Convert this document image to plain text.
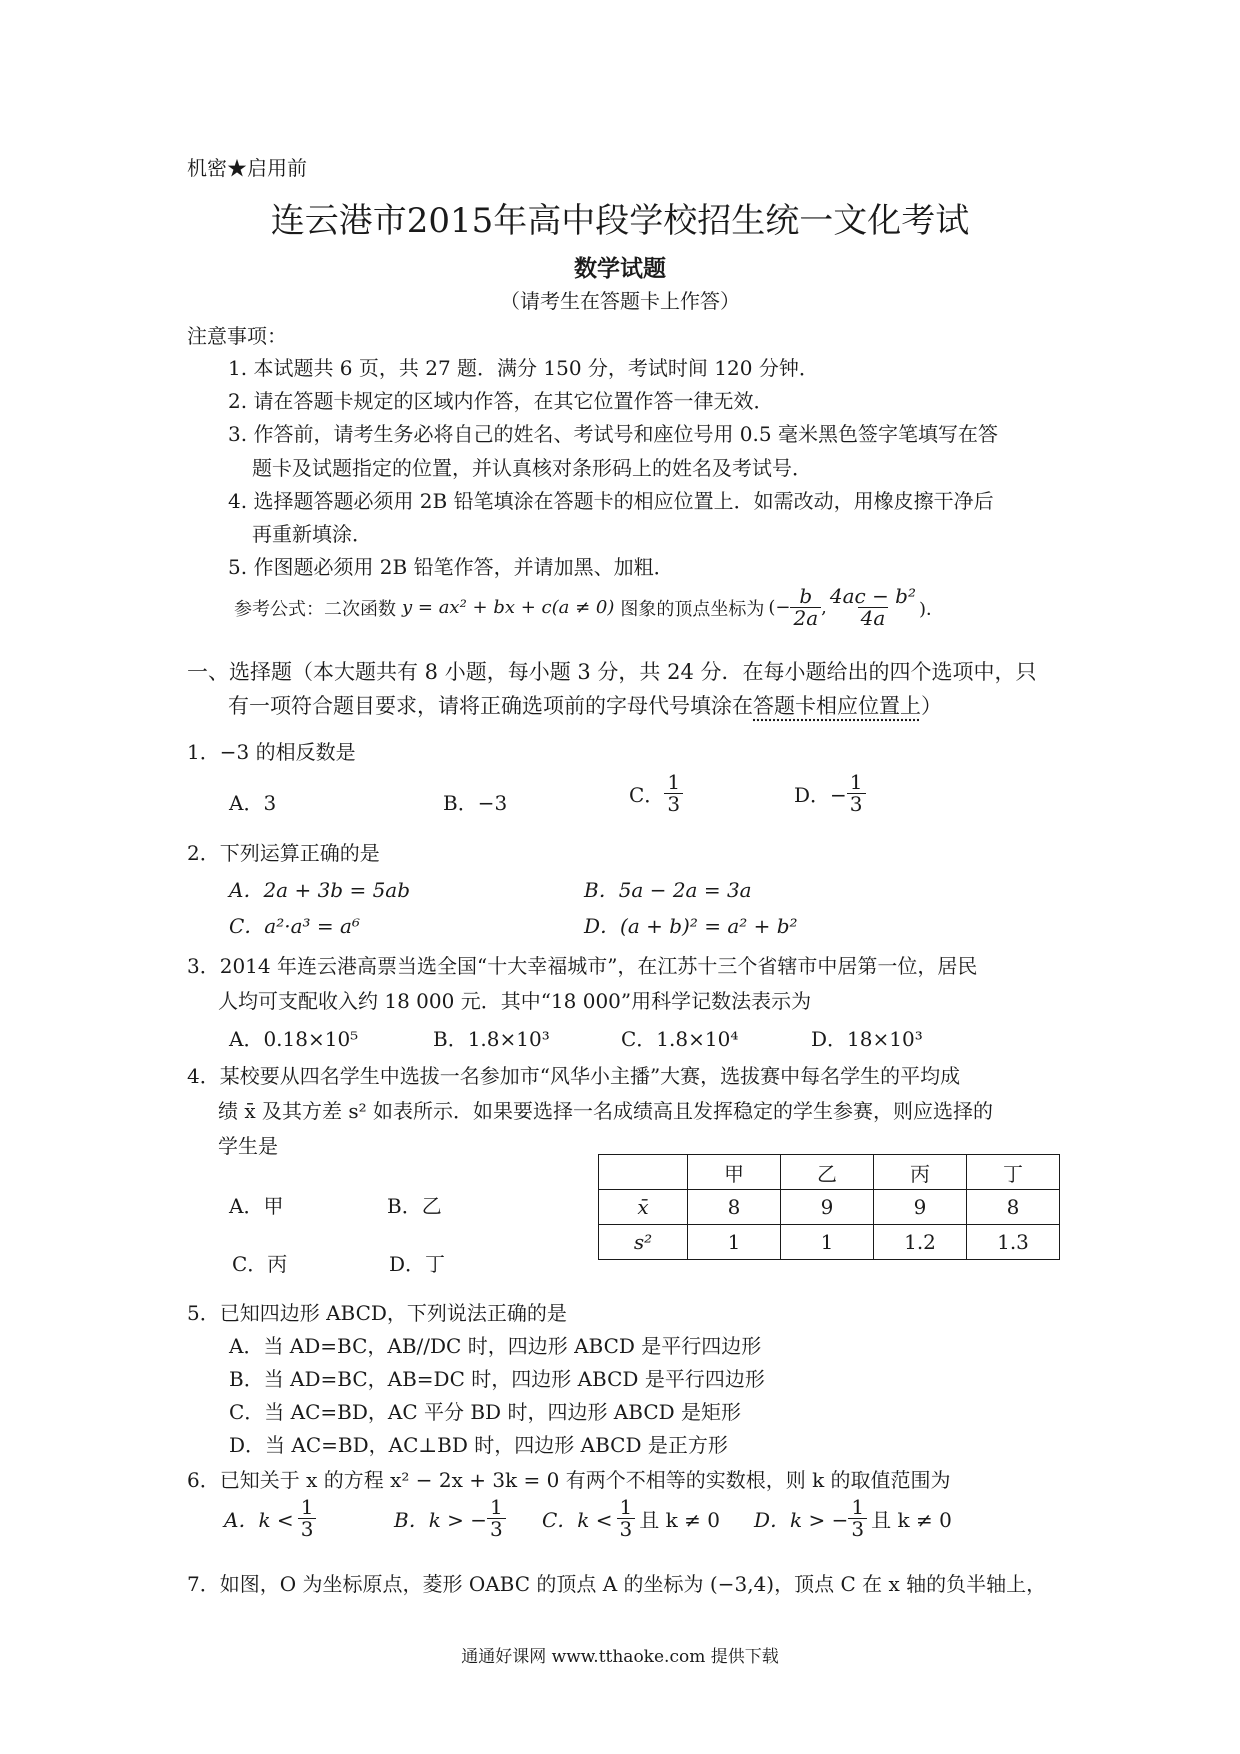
机密★启用前
连云港市2015年高中段学校招生统一文化考试
数学试题
（请考生在答题卡上作答）
注意事项：
1. 本试题共 6 页，共 27 题．满分 150 分，考试时间 120 分钟．
2. 请在答题卡规定的区域内作答，在其它位置作答一律无效．
3. 作答前，请考生务必将自己的姓名、考试号和座位号用 0.5 毫米黑色签字笔填写在答
题卡及试题指定的位置，并认真核对条形码上的姓名及考试号．
4. 选择题答题必须用 2B 铅笔填涂在答题卡的相应位置上．如需改动，用橡皮擦干净后
再重新填涂．
5. 作图题必须用 2B 铅笔作答，并请加黑、加粗．
参考公式：二次函数 y = ax² + bx + c(a ≠ 0) 图象的顶点坐标为 (− $\frac{b}{2a}$ , $\frac{\text{4ac − b²}}{4a}$ )．
一、选择题（本大题共有 8 小题，每小题 3 分，共 24 分．在每小题给出的四个选项中，只
有一项符合题目要求，请将正确选项前的字母代号填涂在答题卡相应位置上）
1．−3 的相反数是
A．3	B．−3	C． $\frac{1}{3}$	D．− $\frac{1}{3}$
2．下列运算正确的是
A．2a + 3b = 5ab	B．5a − 2a = 3a
C．a²·a³ = a⁶	D．(a + b)² = a² + b²
3．2014 年连云港高票当选全国“十大幸福城市”，在江苏十三个省辖市中居第一位，居民
人均可支配收入约 18 000 元．其中“18 000”用科学记数法表示为
A．0.18×10⁵	B．1.8×10³	C．1.8×10⁴	D．18×10³
4．某校要从四名学生中选拔一名参加市“风华小主播”大赛，选拔赛中每名学生的平均成
绩 x̄ 及其方差 s² 如表所示．如果要选择一名成绩高且发挥稳定的学生参赛，则应选择的
学生是
A．甲	B．乙
C．丙	D．丁
	甲	乙	丙	丁
x̄	8	9	9	8
s²	1	1	1.2	1.3
5．已知四边形 ABCD，下列说法正确的是
A．当 AD=BC，AB//DC 时，四边形 ABCD 是平行四边形
B．当 AD=BC，AB=DC 时，四边形 ABCD 是平行四边形
C．当 AC=BD，AC 平分 BD 时，四边形 ABCD 是矩形
D．当 AC=BD，AC⊥BD 时，四边形 ABCD 是正方形
6．已知关于 x 的方程 x² − 2x + 3k = 0 有两个不相等的实数根，则 k 的取值范围为
A．$k < \frac{1}{3}$	B．k > − $\frac{1}{3}$ C．$k < \frac{1}{3}$ 且 k ≠ 0 D．k > − $\frac{1}{3}$ 且 k ≠ 0
7．如图，O 为坐标原点，菱形 OABC 的顶点 A 的坐标为 (−3,4)，顶点 C 在 x 轴的负半轴上，
通通好课网 www.tthaoke.com 提供下载
